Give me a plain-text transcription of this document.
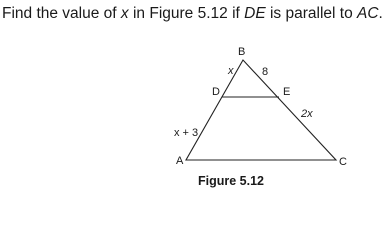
Find the value of x in Figure 5.12 if DE is parallel to AC.
B
x	8
D	E
2x
x + 3
A	C
Figure 5.12
